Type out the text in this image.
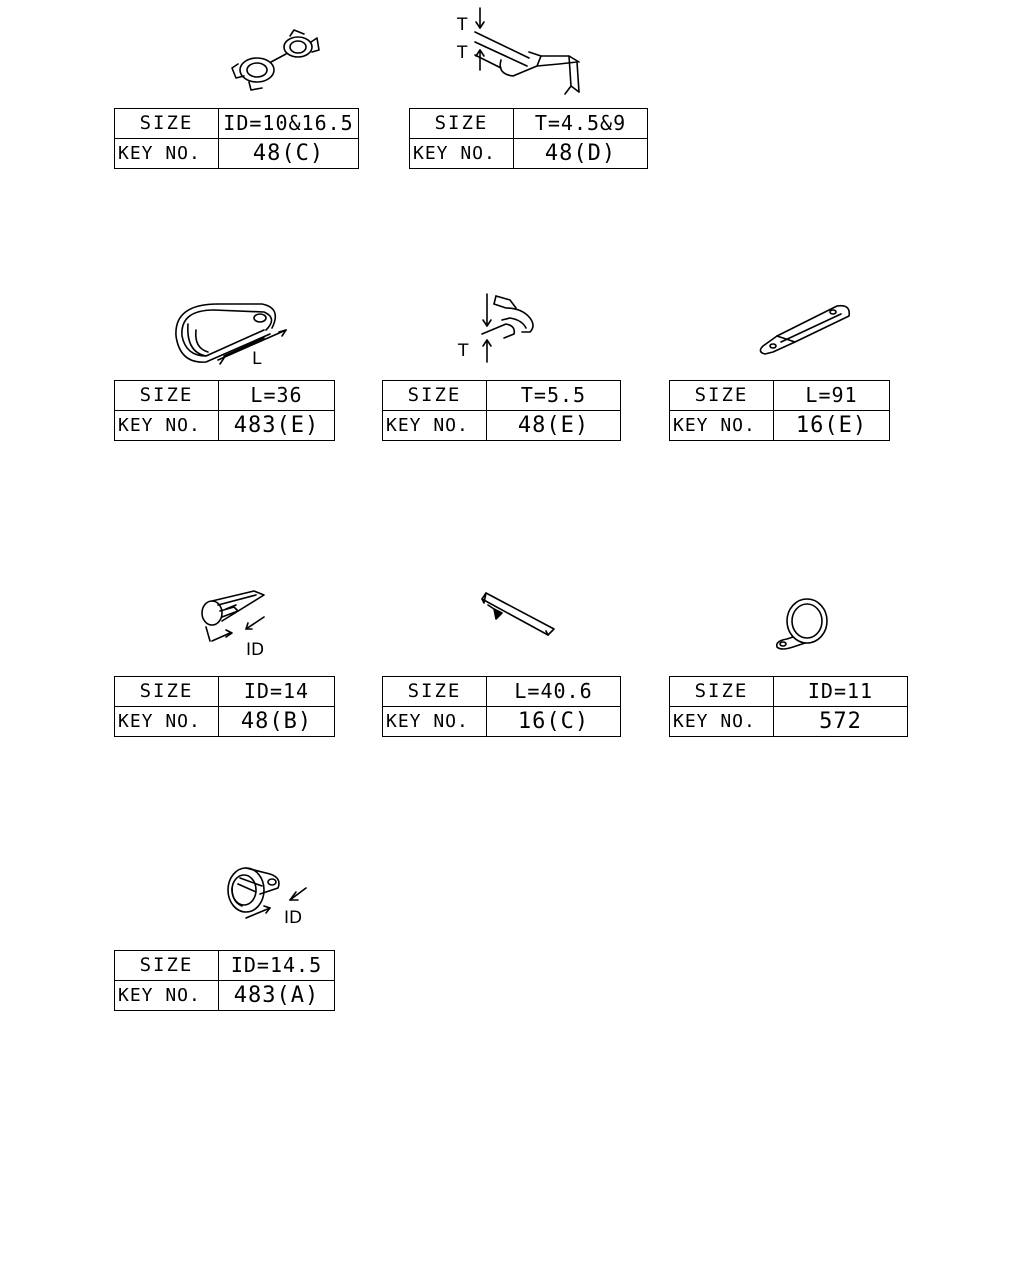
SIZE	ID=10&16.5
KEY NO.	48(C)
T
T
SIZE	T=4.5&9
KEY NO.	48(D)
L
SIZE	L=36
KEY NO.	483(E)
T
SIZE	T=5.5
KEY NO.	48(E)
SIZE	L=91
KEY NO.	16(E)
ID
SIZE	ID=14
KEY NO.	48(B)
SIZE	L=40.6
KEY NO.	16(C)
SIZE	ID=11
KEY NO.	572
ID
SIZE	ID=14.5
KEY NO.	483(A)
